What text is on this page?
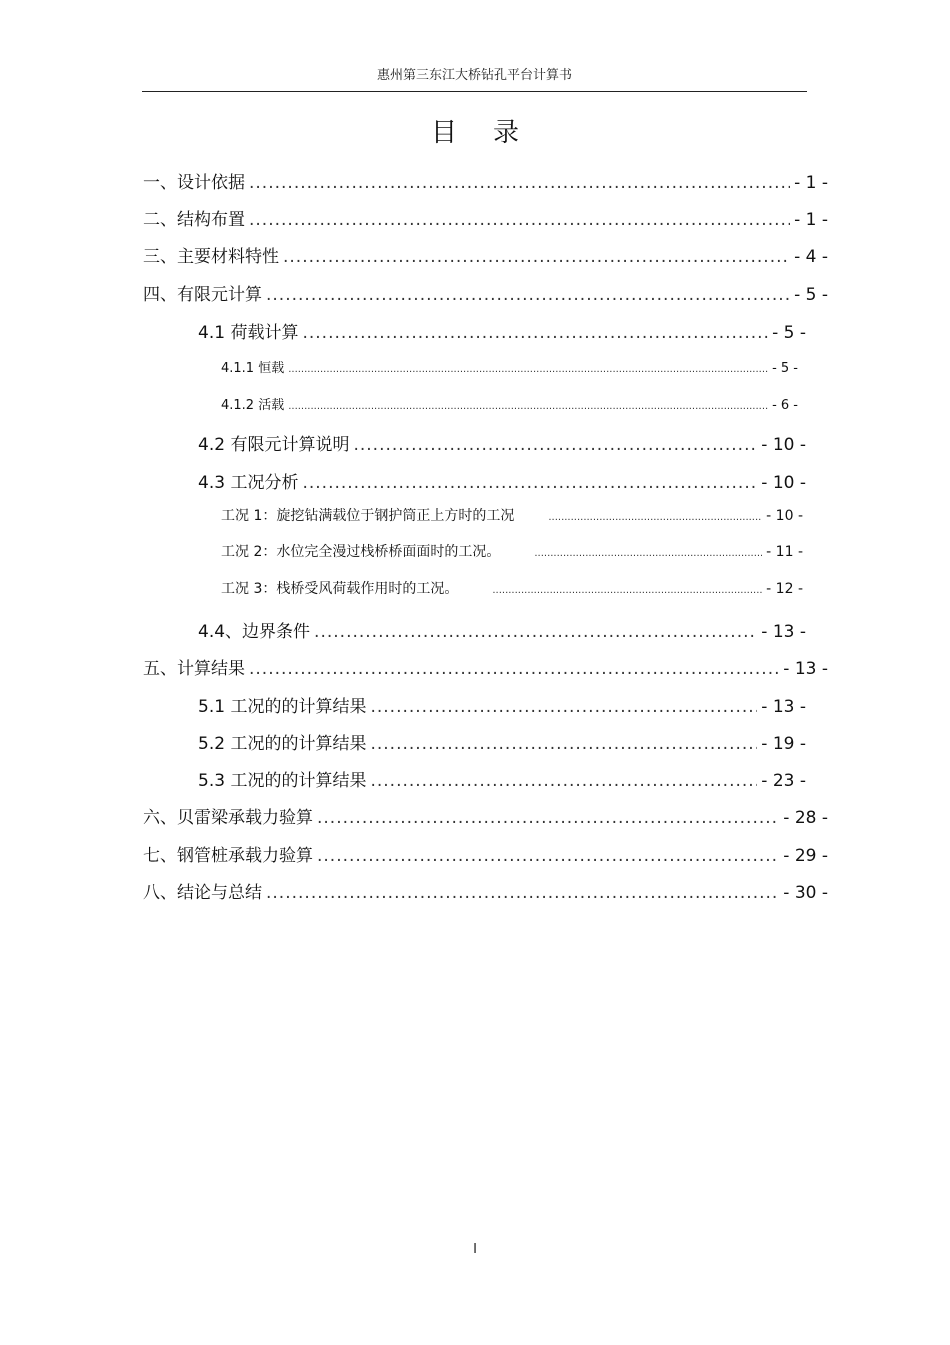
惠州第三东江大桥钻孔平台计算书
目录
一、设计依据 .....	- 1 -
二、结构布置 .....	- 1 -
三、主要材料特性 .....	- 4 -
四、有限元计算 .....	- 5 -
4.1 荷载计算 .....	- 5 -
4.1.1 恒载 .....	- 5 -
4.1.2 活载 .....	- 6 -
4.2 有限元计算说明 .....	- 10 -
4.3 工况分析 .....	- 10 -
工况 1：旋挖钻满载位于钢护筒正上方时的工况 .....	- 10 -
工况 2：水位完全漫过栈桥桥面面时的工况。 .....	- 11 -
工况 3：栈桥受风荷载作用时的工况。 .....	- 12 -
4.4、边界条件 .....	- 13 -
五、计算结果 .....	- 13 -
5.1 工况的的计算结果 .....	- 13 -
5.2 工况的的计算结果 .....	- 19 -
5.3 工况的的计算结果 .....	- 23 -
六、贝雷梁承载力验算 .....	- 28 -
七、钢管桩承载力验算 .....	- 29 -
八、结论与总结 .....	- 30 -
I
